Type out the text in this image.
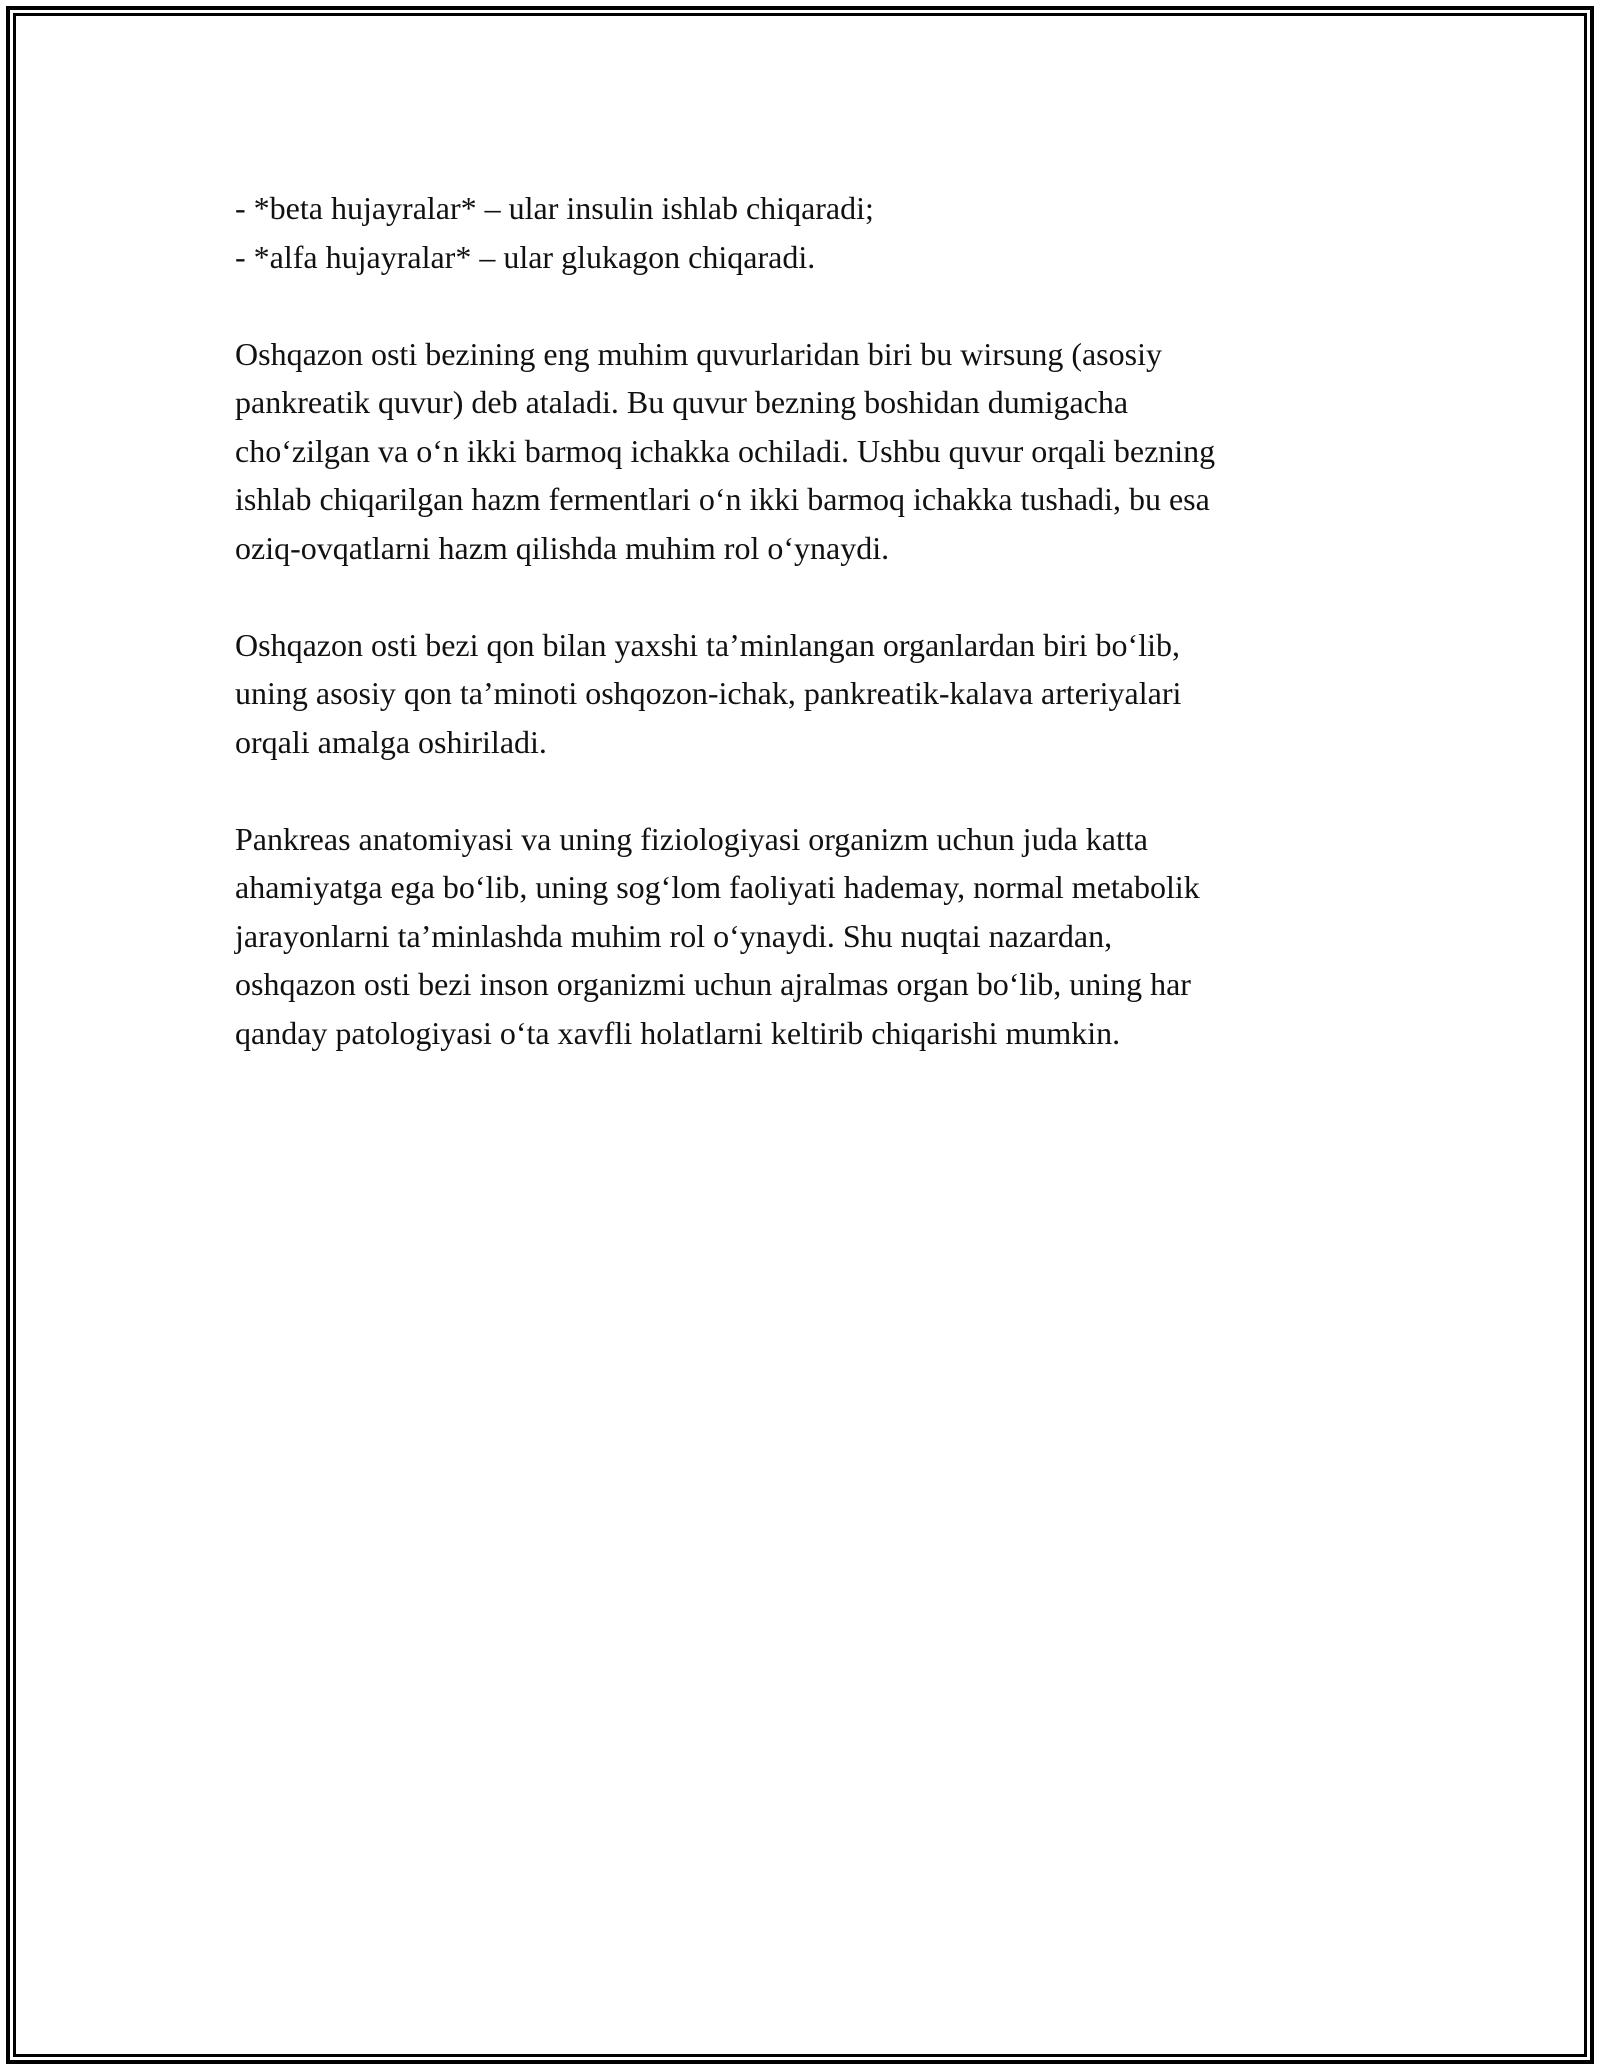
- *beta hujayralar* – ular insulin ishlab chiqaradi;
- *alfa hujayralar* – ular glukagon chiqaradi.
Oshqazon osti bezining eng muhim quvurlaridan biri bu wirsung (asosiy
pankreatik quvur) deb ataladi. Bu quvur bezning boshidan dumigacha
cho‘zilgan va o‘n ikki barmoq ichakka ochiladi. Ushbu quvur orqali bezning
ishlab chiqarilgan hazm fermentlari o‘n ikki barmoq ichakka tushadi, bu esa
oziq-ovqatlarni hazm qilishda muhim rol o‘ynaydi.
Oshqazon osti bezi qon bilan yaxshi ta’minlangan organlardan biri bo‘lib,
uning asosiy qon ta’minoti oshqozon-ichak, pankreatik-kalava arteriyalari
orqali amalga oshiriladi.
Pankreas anatomiyasi va uning fiziologiyasi organizm uchun juda katta
ahamiyatga ega bo‘lib, uning sog‘lom faoliyati hademay, normal metabolik
jarayonlarni ta’minlashda muhim rol o‘ynaydi. Shu nuqtai nazardan,
oshqazon osti bezi inson organizmi uchun ajralmas organ bo‘lib, uning har
qanday patologiyasi o‘ta xavfli holatlarni keltirib chiqarishi mumkin.
